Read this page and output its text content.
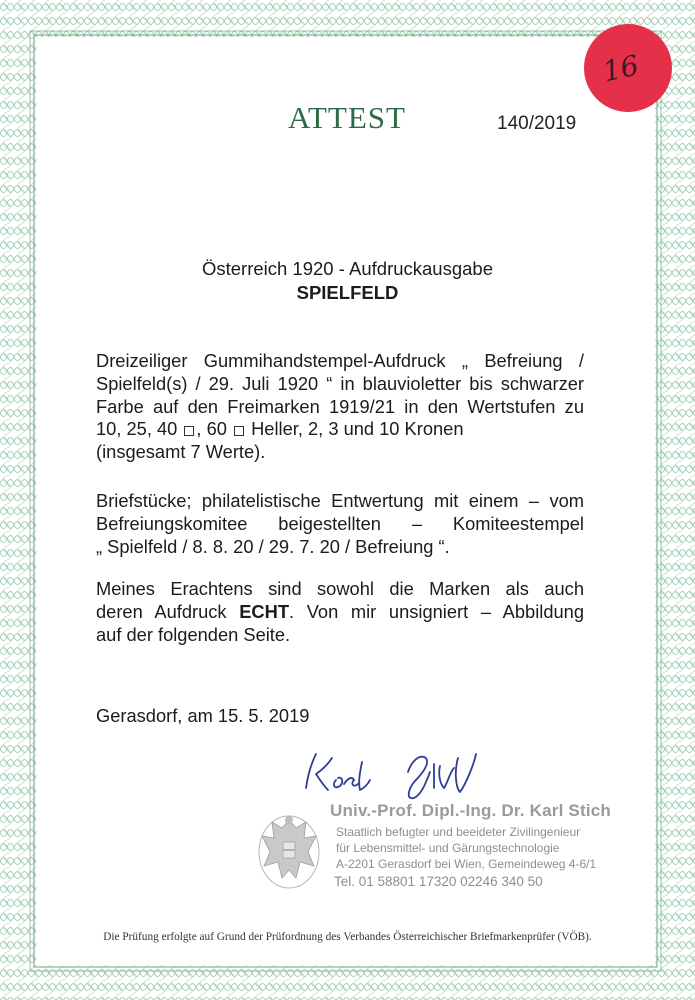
16
ATTEST	140/2019
Österreich 1920 - Aufdruckausgabe
SPIELFELD
Dreizeiliger Gummihandstempel-Aufdruck „ Befreiung /
Spielfeld(s) / 29. Juli 1920 “ in blauvioletter bis schwarzer
Farbe auf den Freimarken 1919/21 in den Wertstufen zu
10, 25, 40 , 60  Heller, 2, 3 und 10 Kronen
(insgesamt 7 Werte).
Briefstücke; philatelistische Entwertung mit einem – vom
Befreiungskomitee beigestellten – Komiteestempel
„ Spielfeld / 8. 8. 20 / 29. 7. 20 / Befreiung “.
Meines Erachtens sind sowohl die Marken als auch
deren Aufdruck ECHT. Von mir unsigniert – Abbildung
auf der folgenden Seite.
Gerasdorf, am 15. 5. 2019
Univ.-Prof. Dipl.-Ing. Dr. Karl Stich
Staatlich befugter und beeideter Zivilingenieur
für Lebensmittel- und Gärungstechnologie
A-2201 Gerasdorf bei Wien, Gemeindeweg 4-6/1
Tel. 01 58801 17320 02246 340 50
Die Prüfung erfolgte auf Grund der Prüfordnung des Verbandes Österreichischer Briefmarkenprüfer (VÖB).
